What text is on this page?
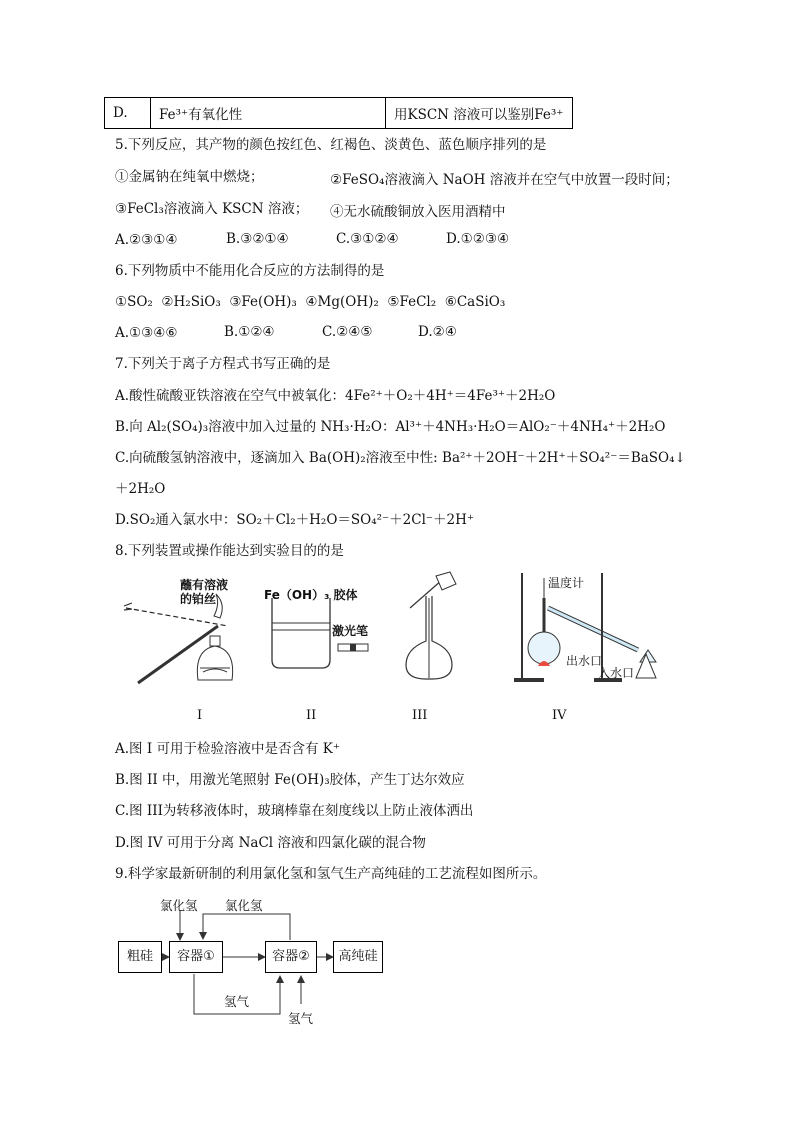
D.	Fe³⁺有氧化性	用KSCN 溶液可以鉴别Fe³⁺
5.下列反应，其产物的颜色按红色、红褐色、淡黄色、蓝色顺序排列的是
①金属钠在纯氧中燃烧；	②FeSO₄溶液滴入 NaOH 溶液并在空气中放置一段时间；
③FeCl₃溶液滴入 KSCN 溶液； ④无水硫酸铜放入医用酒精中
A.②③①④	B.③②①④	C.③①②④	D.①②③④
6.下列物质中不能用化合反应的方法制得的是
①SO₂  ②H₂SiO₃  ③Fe(OH)₃  ④Mg(OH)₂  ⑤FeCl₂  ⑥CaSiO₃
A.①③④⑥	B.①②④	C.②④⑤	D.②④
7.下列关于离子方程式书写正确的是
A.酸性硫酸亚铁溶液在空气中被氧化：4Fe²⁺＋O₂＋4H⁺＝4Fe³⁺＋2H₂O
B.向 Al₂(SO₄)₃溶液中加入过量的 NH₃·H₂O：Al³⁺＋4NH₃·H₂O＝AlO₂⁻＋4NH₄⁺＋2H₂O
C.向硫酸氢钠溶液中，逐滴加入 Ba(OH)₂溶液至中性: Ba²⁺＋2OH⁻＋2H⁺＋SO₄²⁻＝BaSO₄↓
＋2H₂O
D.SO₂通入氯水中：SO₂＋Cl₂＋H₂O＝SO₄²⁻＋2Cl⁻＋2H⁺
8.下列装置或操作能达到实验目的的是
蘸有溶液
的铂丝	Fe（OH）₃ 胶体
激光笔
温度计
出水口
入水口
I	II	III	IV
A.图 I 可用于检验溶液中是否含有 K⁺
B.图 II 中，用激光笔照射 Fe(OH)₃胶体，产生丁达尔效应
C.图 III为转移液体时，玻璃棒靠在刻度线以上防止液体洒出
D.图 IV 可用于分离 NaCl 溶液和四氯化碳的混合物
9.科学家最新研制的利用氯化氢和氢气生产高纯硅的工艺流程如图所示。
粗硅	容器①	容器②	高纯硅
氯化氢 氯化氢
氢气
氢气
